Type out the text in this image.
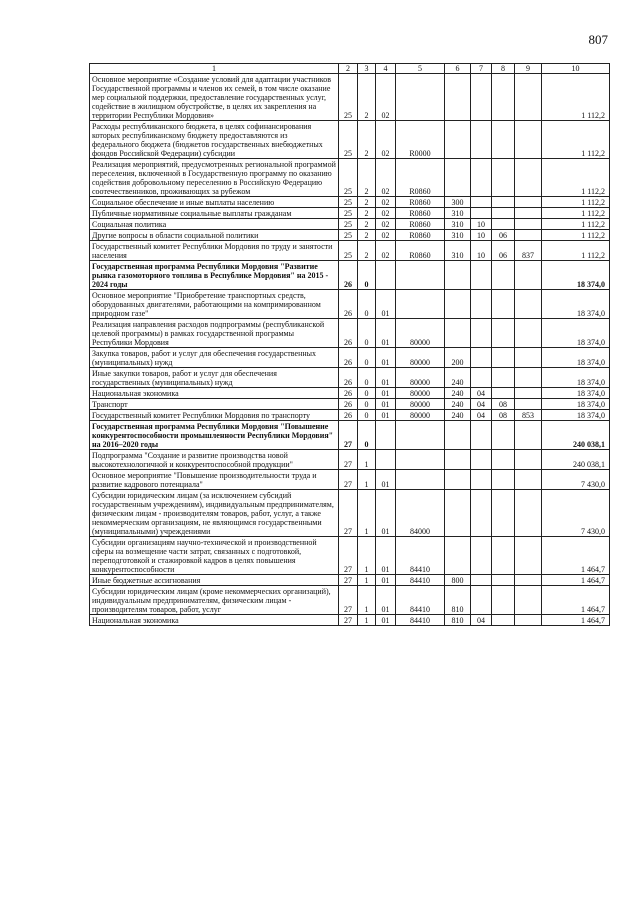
807
1	2	3	4	5	6	7	8	9	10
Основное мероприятие «Создание условий для адаптации участников Государственной программы и членов их семей, в том числе оказание мер социальной поддержки, предоставление государственных услуг, содействие в жилищном обустройстве, в целях их закрепления на территории Республики Мордовия»	25	2	02						1 112,2
Расходы республиканского бюджета, в целях софинансирования которых республиканскому бюджету предоставляются из федерального бюджета (бюджетов государственных внебюджетных фондов Российской Федерации) субсидии	25	2	02	R0000					1 112,2
Реализация мероприятий, предусмотренных региональной программой переселения, включенной в Государственную программу по оказанию содействия добровольному переселению в Российскую Федерацию соотечественников, проживающих за рубежом	25	2	02	R0860					1 112,2
Социальное обеспечение и иные выплаты населению	25	2	02	R0860	300				1 112,2
Публичные нормативные социальные выплаты гражданам	25	2	02	R0860	310				1 112,2
Социальная политика	25	2	02	R0860	310	10			1 112,2
Другие вопросы в области социальной политики	25	2	02	R0860	310	10	06		1 112,2
Государственный комитет Республики Мордовия по труду и занятости населения	25	2	02	R0860	310	10	06	837	1 112,2
Государственная программа Республики Мордовия "Развитие рынка газомоторного топлива в Республике Мордовия" на 2015 - 2024 годы	26	0							18 374,0
Основное мероприятие "Приобретение транспортных средств, оборудованных двигателями, работающими на компримированном природном газе"	26	0	01						18 374,0
Реализация направления расходов подпрограммы (республиканской целевой программы) в рамках государственной программы Республики Мордовия	26	0	01	80000					18 374,0
Закупка товаров, работ и услуг для обеспечения государственных (муниципальных) нужд	26	0	01	80000	200				18 374,0
Иные закупки товаров, работ и услуг для обеспечения государственных (муниципальных) нужд	26	0	01	80000	240				18 374,0
Национальная экономика	26	0	01	80000	240	04			18 374,0
Транспорт	26	0	01	80000	240	04	08		18 374,0
Государственный комитет Республики Мордовия по транспорту	26	0	01	80000	240	04	08	853	18 374,0
Государственная программа Республики Мордовия "Повышение конкурентоспособности промышленности Республики Мордовия" на 2016–2020 годы	27	0							240 038,1
Подпрограмма "Создание и развитие производства новой высокотехнологичной и конкурентоспособной продукции"	27	1							240 038,1
Основное мероприятие "Повышение производительности труда и развитие кадрового потенциала"	27	1	01						7 430,0
Субсидии юридическим лицам (за исключением субсидий государственным учреждениям), индивидуальным предпринимателям, физическим лицам - производителям товаров, работ, услуг, а также некоммерческим организациям, не являющимся государственными (муниципальными) учреждениями	27	1	01	84000					7 430,0
Субсидии организациям научно-технической и производственной сферы на возмещение части затрат, связанных с подготовкой, переподготовкой и стажировкой кадров в целях повышения конкурентоспособности	27	1	01	84410					1 464,7
Иные бюджетные ассигнования	27	1	01	84410	800				1 464,7
Субсидии юридическим лицам (кроме некоммерческих организаций), индивидуальным предпринимателям, физическим лицам - производителям товаров, работ, услуг	27	1	01	84410	810				1 464,7
Национальная экономика	27	1	01	84410	810	04			1 464,7
